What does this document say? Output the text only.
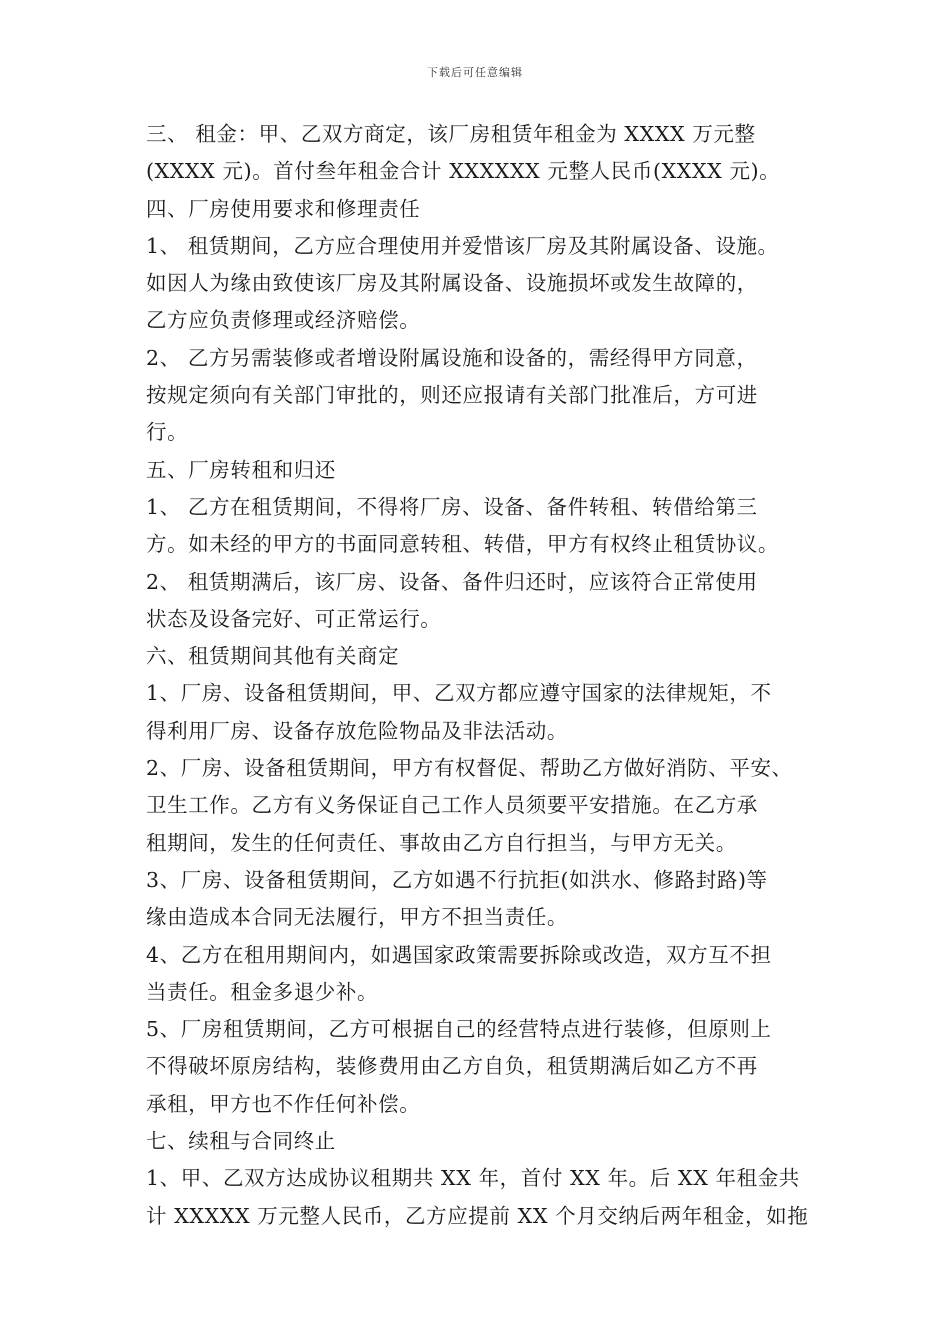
下载后可任意编辑
三、 租金：甲、乙双方商定，该厂房租赁年租金为 XXXX 万元整
(XXXX 元)。首付叁年租金合计 XXXXXX 元整人民币(XXXX 元)。
四、厂房使用要求和修理责任
1、 租赁期间，乙方应合理使用并爱惜该厂房及其附属设备、设施。
如因人为缘由致使该厂房及其附属设备、设施损坏或发生故障的，
乙方应负责修理或经济赔偿。
2、 乙方另需装修或者增设附属设施和设备的，需经得甲方同意，
按规定须向有关部门审批的，则还应报请有关部门批准后，方可进
行。
五、厂房转租和归还
1、 乙方在租赁期间，不得将厂房、设备、备件转租、转借给第三
方。如未经的甲方的书面同意转租、转借，甲方有权终止租赁协议。
2、 租赁期满后，该厂房、设备、备件归还时，应该符合正常使用
状态及设备完好、可正常运行。
六、租赁期间其他有关商定
1、厂房、设备租赁期间，甲、乙双方都应遵守国家的法律规矩，不
得利用厂房、设备存放危险物品及非法活动。
2、厂房、设备租赁期间，甲方有权督促、帮助乙方做好消防、平安、
卫生工作。乙方有义务保证自己工作人员须要平安措施。在乙方承
租期间，发生的任何责任、事故由乙方自行担当，与甲方无关。
3、厂房、设备租赁期间，乙方如遇不行抗拒(如洪水、修路封路)等
缘由造成本合同无法履行，甲方不担当责任。
4、乙方在租用期间内，如遇国家政策需要拆除或改造，双方互不担
当责任。租金多退少补。
5、厂房租赁期间，乙方可根据自己的经营特点进行装修，但原则上
不得破坏原房结构，装修费用由乙方自负，租赁期满后如乙方不再
承租，甲方也不作任何补偿。
七、续租与合同终止
1、甲、乙双方达成协议租期共 XX 年，首付 XX 年。后 XX 年租金共
计 XXXXX 万元整人民币，乙方应提前 XX 个月交纳后两年租金，如拖
